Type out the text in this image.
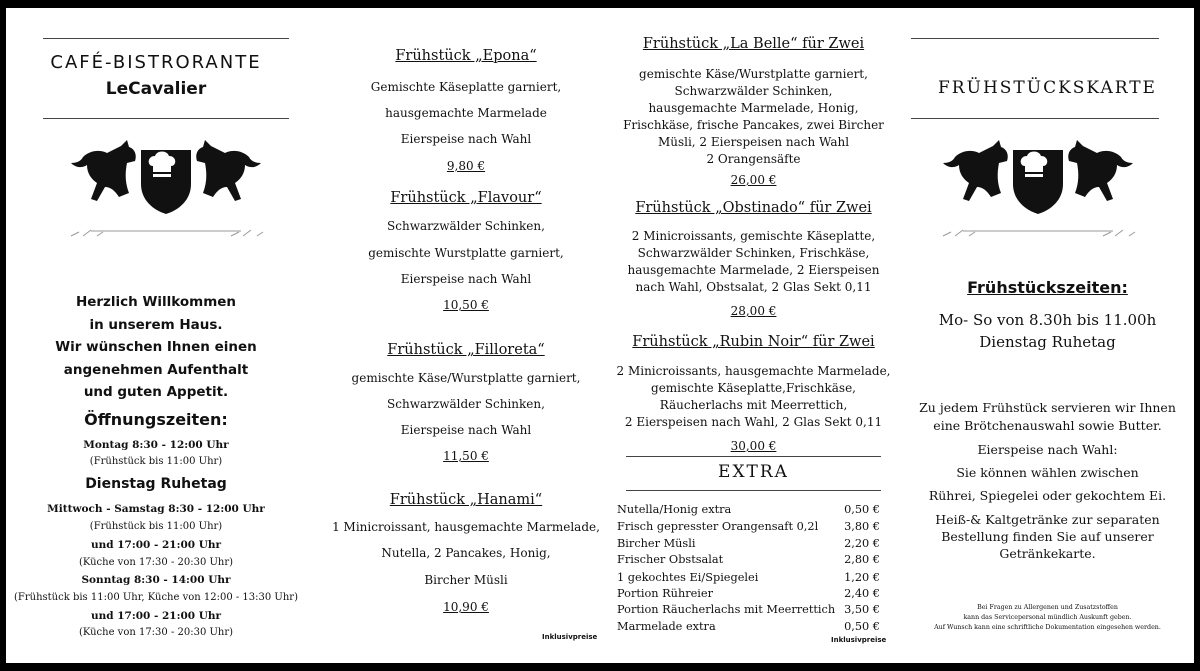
CAFÉ-BISTRORANTE
LeCavalier
Herzlich Willkommen
in unserem Haus.
Wir wünschen Ihnen einen
angenehmen Aufenthalt
und guten Appetit.
Öffnungszeiten:
Montag 8:30 - 12:00 Uhr
(Frühstück bis 11:00 Uhr)
Dienstag Ruhetag
Mittwoch - Samstag 8:30 - 12:00 Uhr
(Frühstück bis 11:00 Uhr)
und 17:00 - 21:00 Uhr
(Küche von 17:30 - 20:30 Uhr)
Sonntag 8:30 - 14:00 Uhr
(Frühstück bis 11:00 Uhr, Küche von 12:00 - 13:30 Uhr)
und 17:00 - 21:00 Uhr
(Küche von 17:30 - 20:30 Uhr)
Frühstück „Epona“
Gemischte Käseplatte garniert,
hausgemachte Marmelade
Eierspeise nach Wahl
9,80 €
Frühstück „Flavour“
Schwarzwälder Schinken,
gemischte Wurstplatte garniert,
Eierspeise nach Wahl
10,50 €
Frühstück „Filloreta“
gemischte Käse/Wurstplatte garniert,
Schwarzwälder Schinken,
Eierspeise nach Wahl
11,50 €
Frühstück „Hanami“
1 Minicroissant, hausgemachte Marmelade,
Nutella, 2 Pancakes, Honig,
Bircher Müsli
10,90 €
Inklusivpreise
Frühstück „La Belle“ für Zwei
gemischte Käse/Wurstplatte garniert,
Schwarzwälder Schinken,
hausgemachte Marmelade, Honig,
Frischkäse, frische Pancakes, zwei Bircher
Müsli, 2 Eierspeisen nach Wahl
2 Orangensäfte
26,00 €
Frühstück „Obstinado“ für Zwei
2 Minicroissants, gemischte Käseplatte,
Schwarzwälder Schinken, Frischkäse,
hausgemachte Marmelade, 2 Eierspeisen
nach Wahl, Obstsalat, 2 Glas Sekt 0,11
28,00 €
Frühstück „Rubin Noir“ für Zwei
2 Minicroissants, hausgemachte Marmelade,
gemischte Käseplatte,Frischkäse,
Räucherlachs mit Meerrettich,
2 Eierspeisen nach Wahl, 2 Glas Sekt 0,11
30,00 €
EXTRA
Nutella/Honig extra	0,50 €
Frisch gepresster Orangensaft 0,2l 3,80 €
Bircher Müsli	2,20 €
Frischer Obstsalat	2,80 €
1 gekochtes Ei/Spiegelei	1,20 €
Portion Rühreier	2,40 €
Portion Räucherlachs mit Meerrettich 3,50 €
Marmelade extra	0,50 €
Inklusivpreise
FRÜHSTÜCKSKARTE
Frühstückszeiten:
Mo- So von 8.30h bis 11.00h
Dienstag Ruhetag
Zu jedem Frühstück servieren wir Ihnen
eine Brötchenauswahl sowie Butter.
Eierspeise nach Wahl:
Sie können wählen zwischen
Rührei, Spiegelei oder gekochtem Ei.
Heiß-& Kaltgetränke zur separaten
Bestellung finden Sie auf unserer
Getränkekarte.
Bei Fragen zu Allergenen und Zusatzstoffen
kann das Servicepersonal mündlich Auskunft geben.
Auf Wunsch kann eine schriftliche Dokumentation eingesehen werden.
